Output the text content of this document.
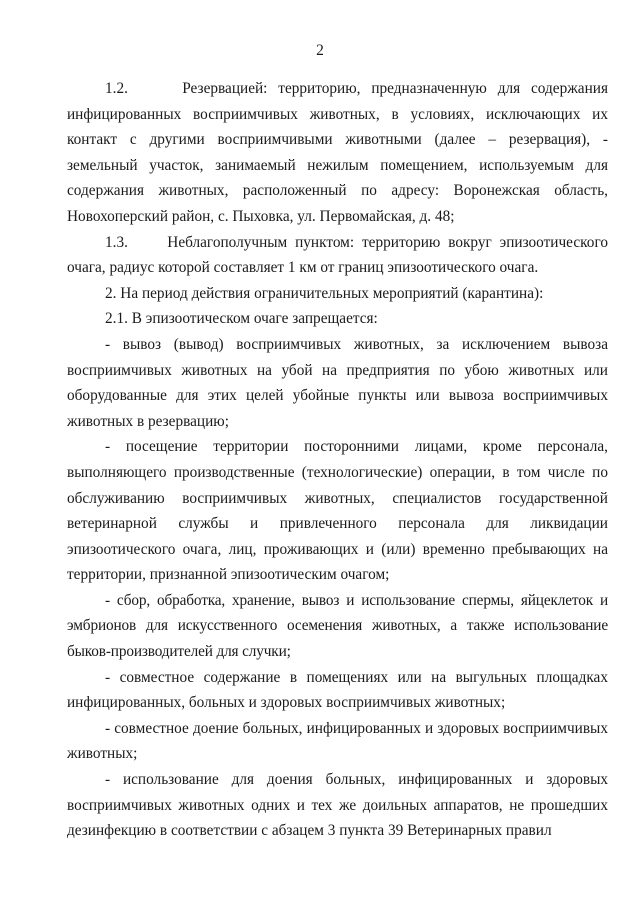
2

1.2.     Резервацией: территорию, предназначенную для содержания инфицированных восприимчивых животных, в условиях, исключающих их контакт с другими восприимчивыми животными (далее – резервация), - земельный участок, занимаемый нежилым помещением, используемым для содержания животных, расположенный по адресу: Воронежская область, Новохоперский район, с. Пыховка, ул. Первомайская, д. 48;

1.3.     Неблагополучным пунктом: территорию вокруг эпизоотического очага, радиус которой составляет 1 км от границ эпизоотического очага.

2. На период действия ограничительных мероприятий (карантина):

2.1. В эпизоотическом очаге запрещается:

- вывоз (вывод) восприимчивых животных, за исключением вывоза восприимчивых животных на убой на предприятия по убою животных или оборудованные для этих целей убойные пункты или вывоза восприимчивых животных в резервацию;

- посещение территории посторонними лицами, кроме персонала, выполняющего производственные (технологические) операции, в том числе по обслуживанию восприимчивых животных, специалистов государственной ветеринарной службы и привлеченного персонала для ликвидации эпизоотического очага, лиц, проживающих и (или) временно пребывающих на территории, признанной эпизоотическим очагом;

- сбор, обработка, хранение, вывоз и использование спермы, яйцеклеток и эмбрионов для искусственного осеменения животных, а также использование быков-производителей для случки;

- совместное содержание в помещениях или на выгульных площадках инфицированных, больных и здоровых восприимчивых животных;

- совместное доение больных, инфицированных и здоровых восприимчивых животных;

- использование для доения больных, инфицированных и здоровых восприимчивых животных одних и тех же доильных аппаратов, не прошедших дезинфекцию в соответствии с абзацем 3 пункта 39 Ветеринарных правил
